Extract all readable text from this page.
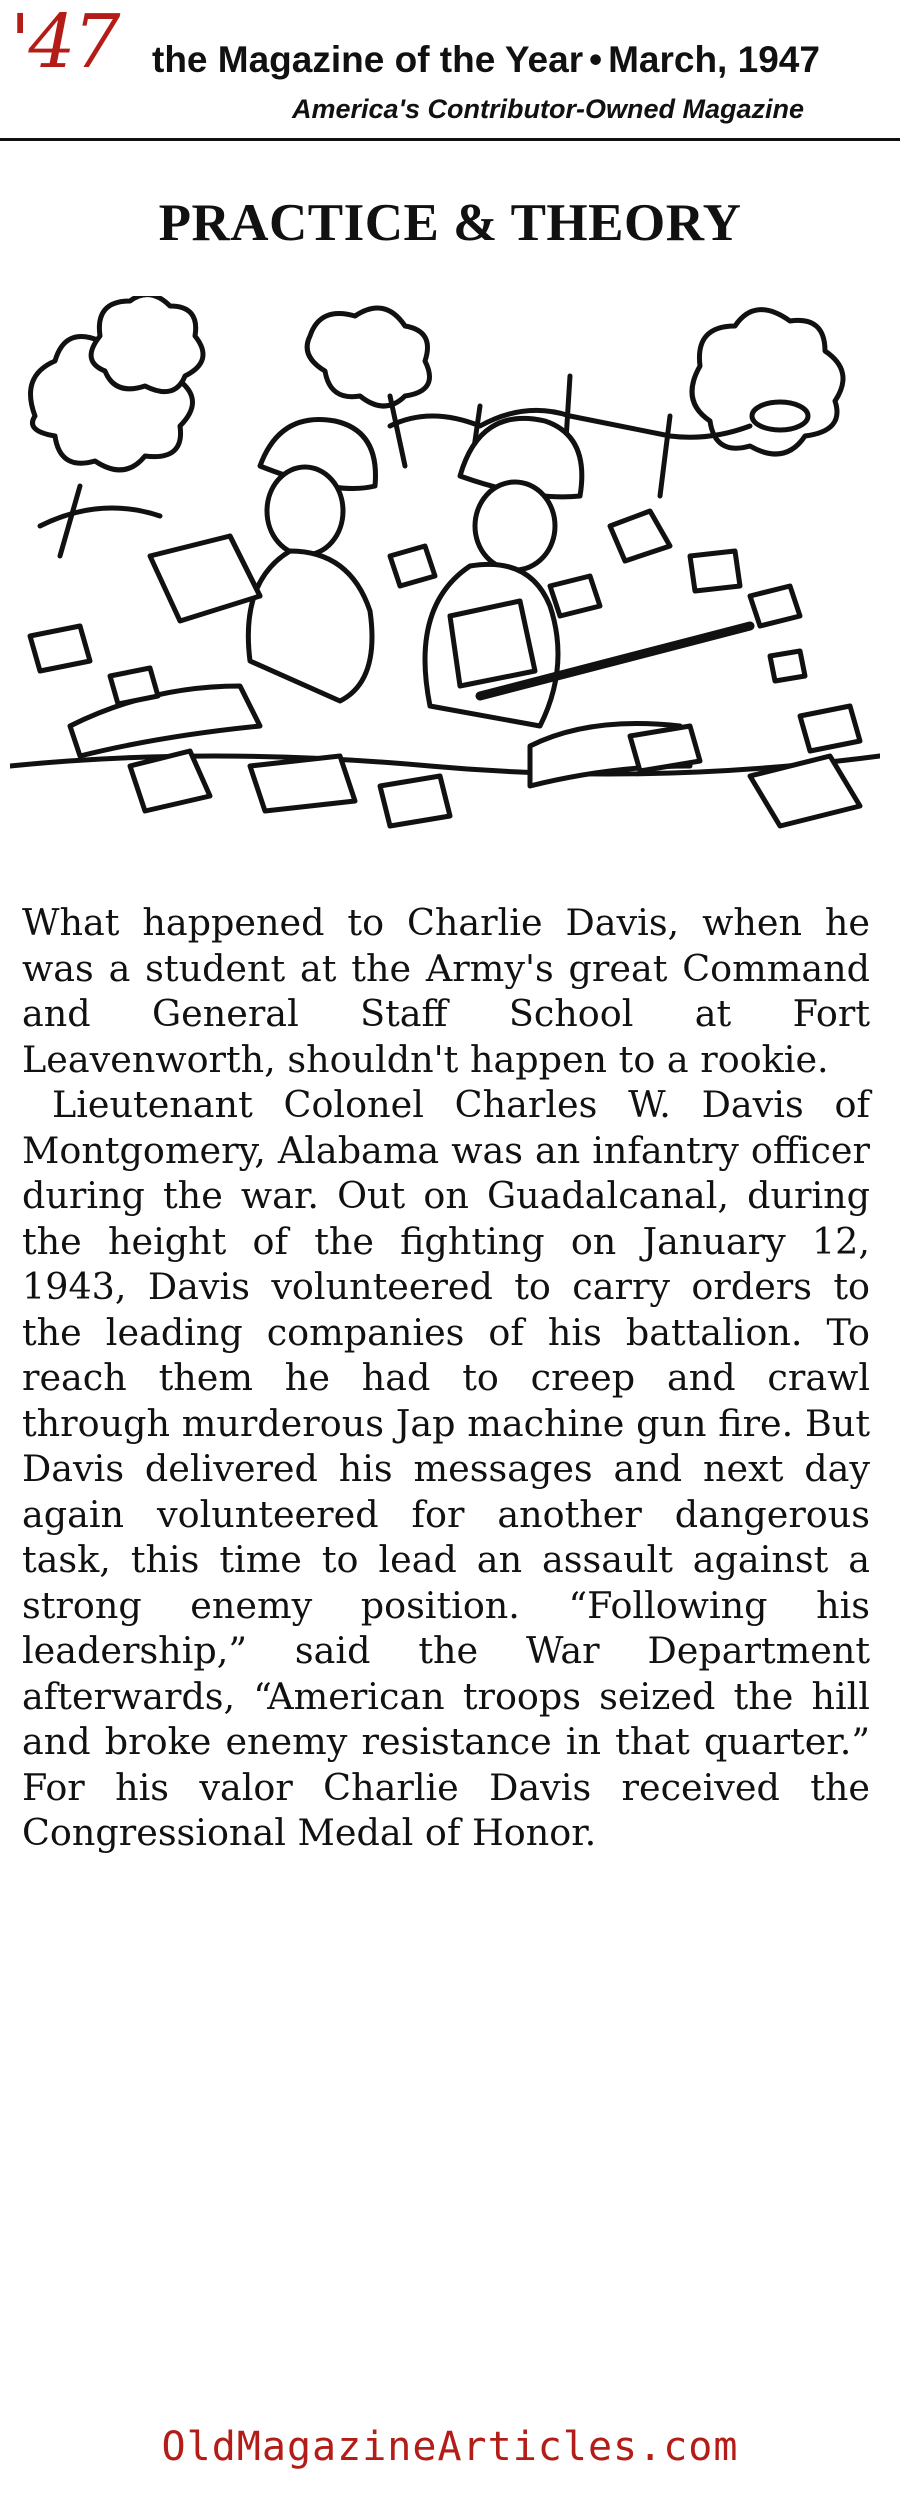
'47 the Magazine of the Year • March, 1947
America's Contributor-Owned Magazine
PRACTICE & THEORY

What happened to Charlie Davis, when he was a student at the Army's great Command and General Staff School at Fort Leavenworth, shouldn't happen to a rookie.

Lieutenant Colonel Charles W. Davis of Montgomery, Alabama was an infantry officer during the war. Out on Guadalcanal, during the height of the fighting on January 12, 1943, Davis volunteered to carry orders to the leading companies of his battalion. To reach them he had to creep and crawl through murderous Jap machine gun fire. But Davis delivered his messages and next day again volunteered for another dangerous task, this time to lead an assault against a strong enemy position. “Following his leadership,” said the War Department afterwards, “American troops seized the hill and broke enemy resistance in that quarter.” For his valor Charlie Davis received the Congressional Medal of Honor.

OldMagazineArticles.com
